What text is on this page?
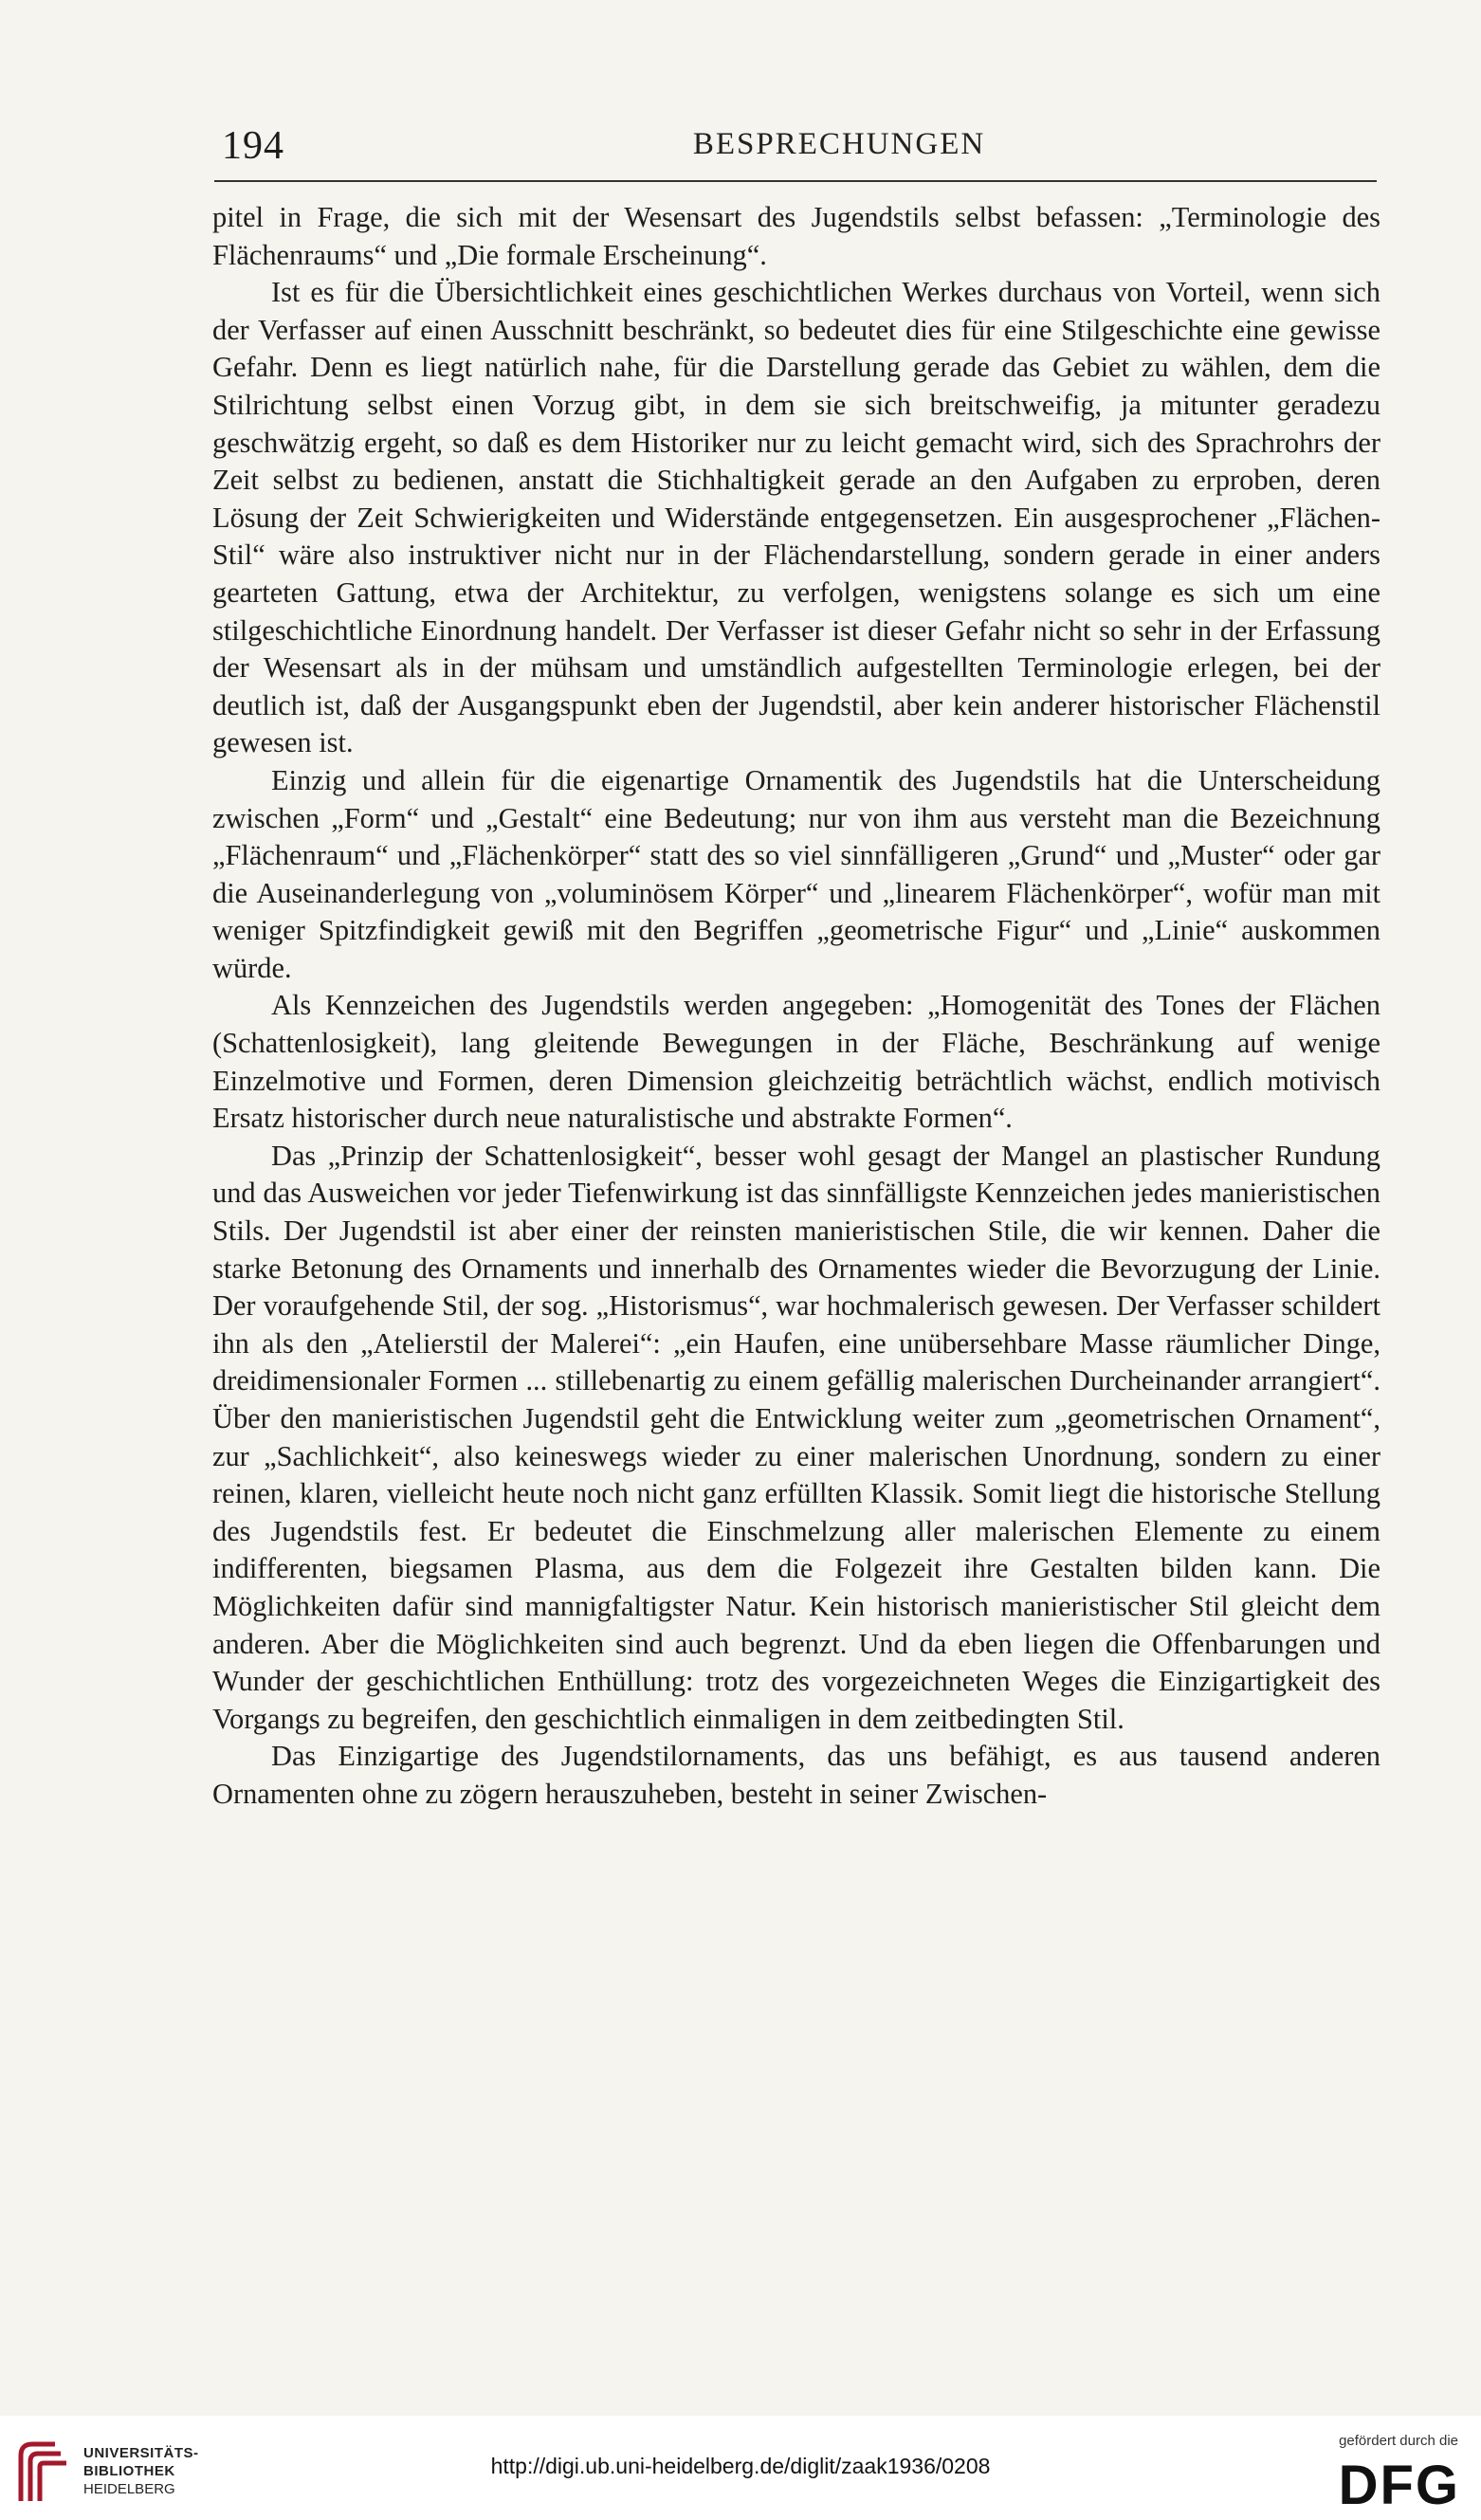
194	BESPRECHUNGEN

pitel in Frage, die sich mit der Wesensart des Jugendstils selbst befassen: „Terminologie des Flächenraums“ und „Die formale Erscheinung“.

Ist es für die Übersichtlichkeit eines geschichtlichen Werkes durchaus von Vorteil, wenn sich der Verfasser auf einen Ausschnitt beschränkt, so bedeutet dies für eine Stilgeschichte eine gewisse Gefahr. Denn es liegt natürlich nahe, für die Darstellung gerade das Gebiet zu wählen, dem die Stilrichtung selbst einen Vorzug gibt, in dem sie sich breitschweifig, ja mitunter geradezu geschwätzig ergeht, so daß es dem Historiker nur zu leicht gemacht wird, sich des Sprachrohrs der Zeit selbst zu bedienen, anstatt die Stichhaltigkeit gerade an den Aufgaben zu erproben, deren Lösung der Zeit Schwierigkeiten und Widerstände entgegensetzen. Ein ausgesprochener „Flächen-Stil“ wäre also instruktiver nicht nur in der Flächendarstellung, sondern gerade in einer anders gearteten Gattung, etwa der Architektur, zu verfolgen, wenigstens solange es sich um eine stilgeschichtliche Einordnung handelt. Der Verfasser ist dieser Gefahr nicht so sehr in der Erfassung der Wesensart als in der mühsam und umständlich aufgestellten Terminologie erlegen, bei der deutlich ist, daß der Ausgangspunkt eben der Jugendstil, aber kein anderer historischer Flächenstil gewesen ist.

Einzig und allein für die eigenartige Ornamentik des Jugendstils hat die Unterscheidung zwischen „Form“ und „Gestalt“ eine Bedeutung; nur von ihm aus versteht man die Bezeichnung „Flächenraum“ und „Flächenkörper“ statt des so viel sinnfälligeren „Grund“ und „Muster“ oder gar die Auseinanderlegung von „voluminösem Körper“ und „linearem Flächenkörper“, wofür man mit weniger Spitzfindigkeit gewiß mit den Begriffen „geometrische Figur“ und „Linie“ auskommen würde.

Als Kennzeichen des Jugendstils werden angegeben: „Homogenität des Tones der Flächen (Schattenlosigkeit), lang gleitende Bewegungen in der Fläche, Beschränkung auf wenige Einzelmotive und Formen, deren Dimension gleichzeitig beträchtlich wächst, endlich motivisch Ersatz historischer durch neue naturalistische und abstrakte Formen“.

Das „Prinzip der Schattenlosigkeit“, besser wohl gesagt der Mangel an plastischer Rundung und das Ausweichen vor jeder Tiefenwirkung ist das sinnfälligste Kennzeichen jedes manieristischen Stils. Der Jugendstil ist aber einer der reinsten manieristischen Stile, die wir kennen. Daher die starke Betonung des Ornaments und innerhalb des Ornamentes wieder die Bevorzugung der Linie. Der voraufgehende Stil, der sog. „Historismus“, war hochmalerisch gewesen. Der Verfasser schildert ihn als den „Atelierstil der Malerei“: „ein Haufen, eine unübersehbare Masse räumlicher Dinge, dreidimensionaler Formen ... stillebenartig zu einem gefällig malerischen Durcheinander arrangiert“. Über den manieristischen Jugendstil geht die Entwicklung weiter zum „geometrischen Ornament“, zur „Sachlichkeit“, also keineswegs wieder zu einer malerischen Unordnung, sondern zu einer reinen, klaren, vielleicht heute noch nicht ganz erfüllten Klassik. Somit liegt die historische Stellung des Jugendstils fest. Er bedeutet die Einschmelzung aller malerischen Elemente zu einem indifferenten, biegsamen Plasma, aus dem die Folgezeit ihre Gestalten bilden kann. Die Möglichkeiten dafür sind mannigfaltigster Natur. Kein historisch manieristischer Stil gleicht dem anderen. Aber die Möglichkeiten sind auch begrenzt. Und da eben liegen die Offenbarungen und Wunder der geschichtlichen Enthüllung: trotz des vorgezeichneten Weges die Einzigartigkeit des Vorgangs zu begreifen, den geschichtlich einmaligen in dem zeitbedingten Stil.

Das Einzigartige des Jugendstilornaments, das uns befähigt, es aus tausend anderen Ornamenten ohne zu zögern herauszuheben, besteht in seiner Zwischen-

UNIVERSITÄTS-
BIBLIOTHEK
HEIDELBERG
http://digi.ub.uni-heidelberg.de/diglit/zaak1936/0208
gefördert durch die
DFG
